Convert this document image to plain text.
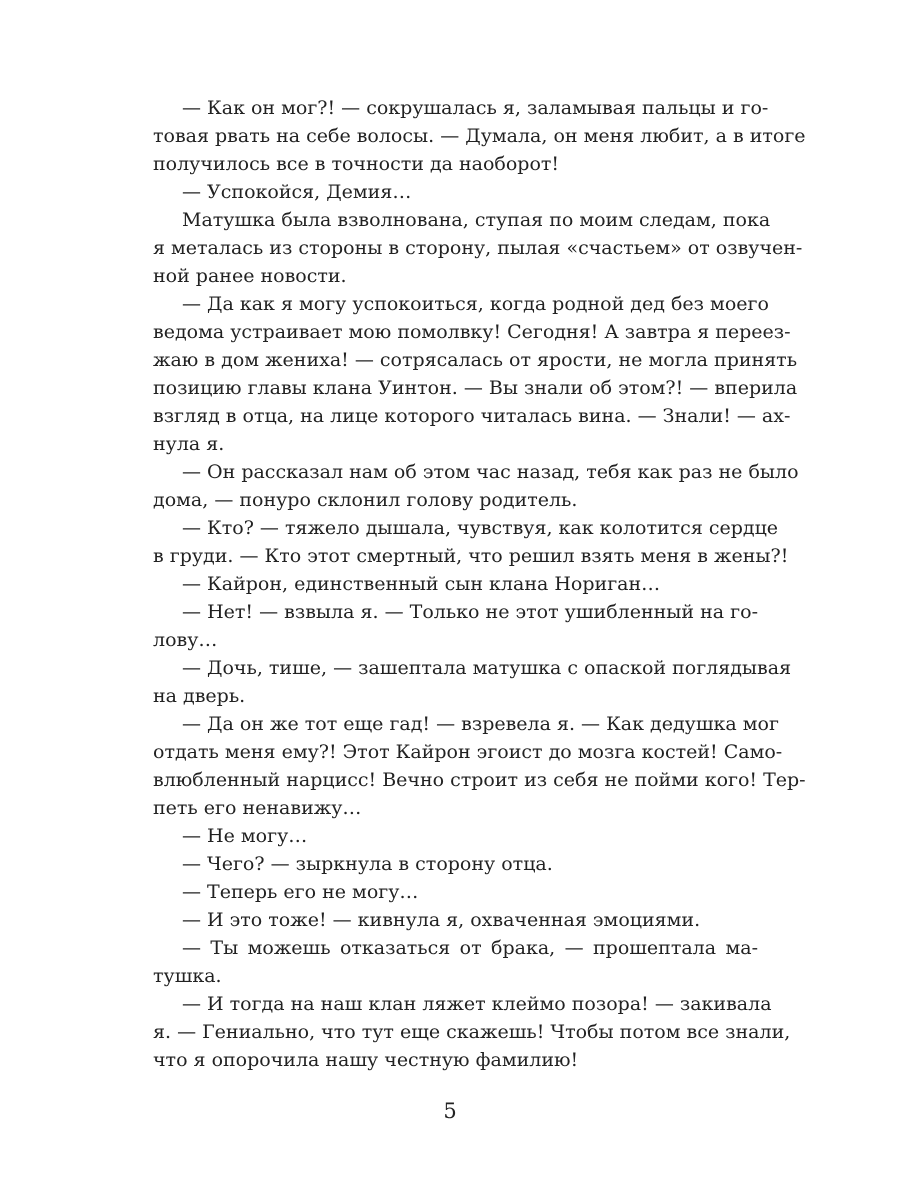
— Как он мог?! — сокрушалась я, заламывая пальцы и го-
товая рвать на себе волосы. — Думала, он меня любит, а в итоге
получилось все в точности да наоборот!
— Успокойся, Демия…
Матушка была взволнована, ступая по моим следам, пока
я металась из стороны в сторону, пылая «счастьем» от озвучен-
ной ранее новости.
— Да как я могу успокоиться, когда родной дед без моего
ведома устраивает мою помолвку! Сегодня! А завтра я переез-
жаю в дом жениха! — сотрясалась от ярости, не могла принять
позицию главы клана Уинтон. — Вы знали об этом?! — вперила
взгляд в отца, на лице которого читалась вина. — Знали! — ах-
нула я.
— Он рассказал нам об этом час назад, тебя как раз не было
дома, — понуро склонил голову родитель.
— Кто? — тяжело дышала, чувствуя, как колотится сердце
в груди. — Кто этот смертный, что решил взять меня в жены?!
— Кайрон, единственный сын клана Нориган…
— Нет! — взвыла я. — Только не этот ушибленный на го-
лову…
— Дочь, тише, — зашептала матушка с опаской поглядывая
на дверь.
— Да он же тот еще гад! — взревела я. — Как дедушка мог
отдать меня ему?! Этот Кайрон эгоист до мозга костей! Само-
влюбленный нарцисс! Вечно строит из себя не пойми кого! Тер-
петь его ненавижу…
— Не могу…
— Чего? — зыркнула в сторону отца.
— Теперь его не могу…
— И это тоже! — кивнула я, охваченная эмоциями.
— Ты можешь отказаться от брака, — прошептала ма-
тушка.
— И тогда на наш клан ляжет клеймо позора! — закивала
я. — Гениально, что тут еще скажешь! Чтобы потом все знали,
что я опорочила нашу честную фамилию!
5
